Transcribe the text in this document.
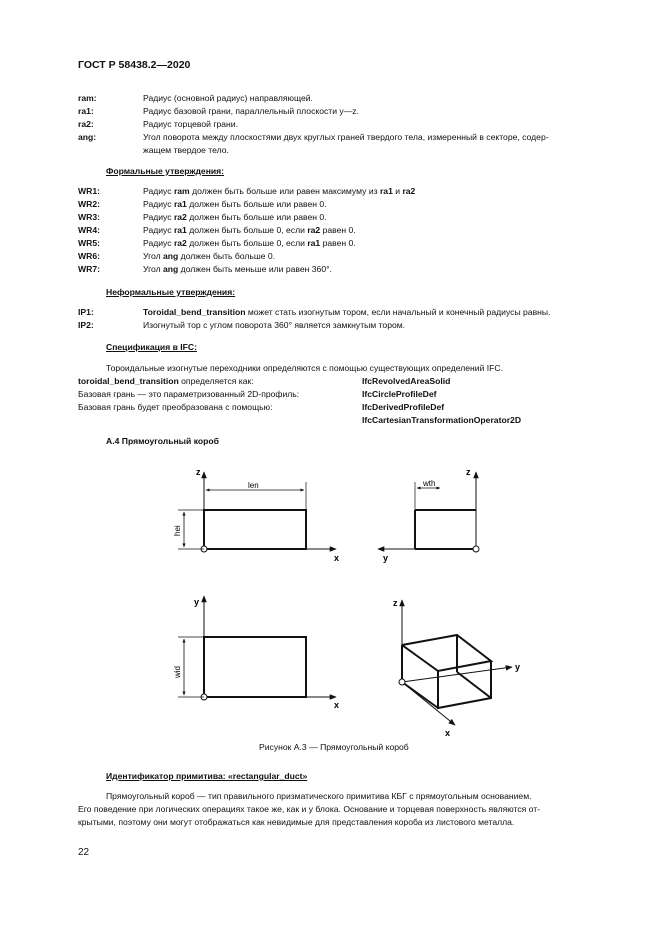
ГОСТ Р 58438.2—2020
ram:	Радиус (основной радиус) направляющей.
ra1:	Радиус базовой грани, параллельный плоскости y—z.
ra2:	Радиус торцевой грани.
ang:	Угол поворота между плоскостями двух круглых граней твердого тела, измеренный в секторе, содер-
жащем твердое тело.
Формальные утверждения:
WR1:	Радиус ram должен быть больше или равен максимуму из ra1 и ra2
WR2:	Радиус ra1 должен быть больше или равен 0.
WR3:	Радиус ra2 должен быть больше или равен 0.
WR4:	Радиус ra1 должен быть больше 0, если ra2 равен 0.
WR5:	Радиус ra2 должен быть больше 0, если ra1 равен 0.
WR6:	Угол ang должен быть больше 0.
WR7:	Угол ang должен быть меньше или равен 360°.
Неформальные утверждения:
IP1:	Toroidal_bend_transition может стать изогнутым тором, если начальный и конечный радиусы равны.
IP2:	Изогнутый тор с углом поворота 360° является замкнутым тором.
Спецификация в IFC:
Тороидальные изогнутые переходники определяются с помощью существующих определений IFC.
toroidal_bend_transition определяется как:	IfcRevolvedAreaSolid
Базовая грань — это параметризованный 2D-профиль:	IfcCircleProfileDef
Базовая грань будет преобразована с помощью:	IfcDerivedProfileDef
IfcCartesianTransformationOperator2D
А.4 Прямоугольный короб
z
x
len
hei
z
y
wth
y
x
wid
z
y
x
Рисунок А.3 — Прямоугольный короб
Идентификатор примитива: «rectangular_duct»
Прямоугольный короб — тип правильного призматического примитива КБГ с прямоугольным основанием.
Его поведение при логических операциях такое же, как и у блока. Основание и торцевая поверхность являются от-
крытыми, поэтому они могут отображаться как невидимые для представления короба из листового металла.
22
